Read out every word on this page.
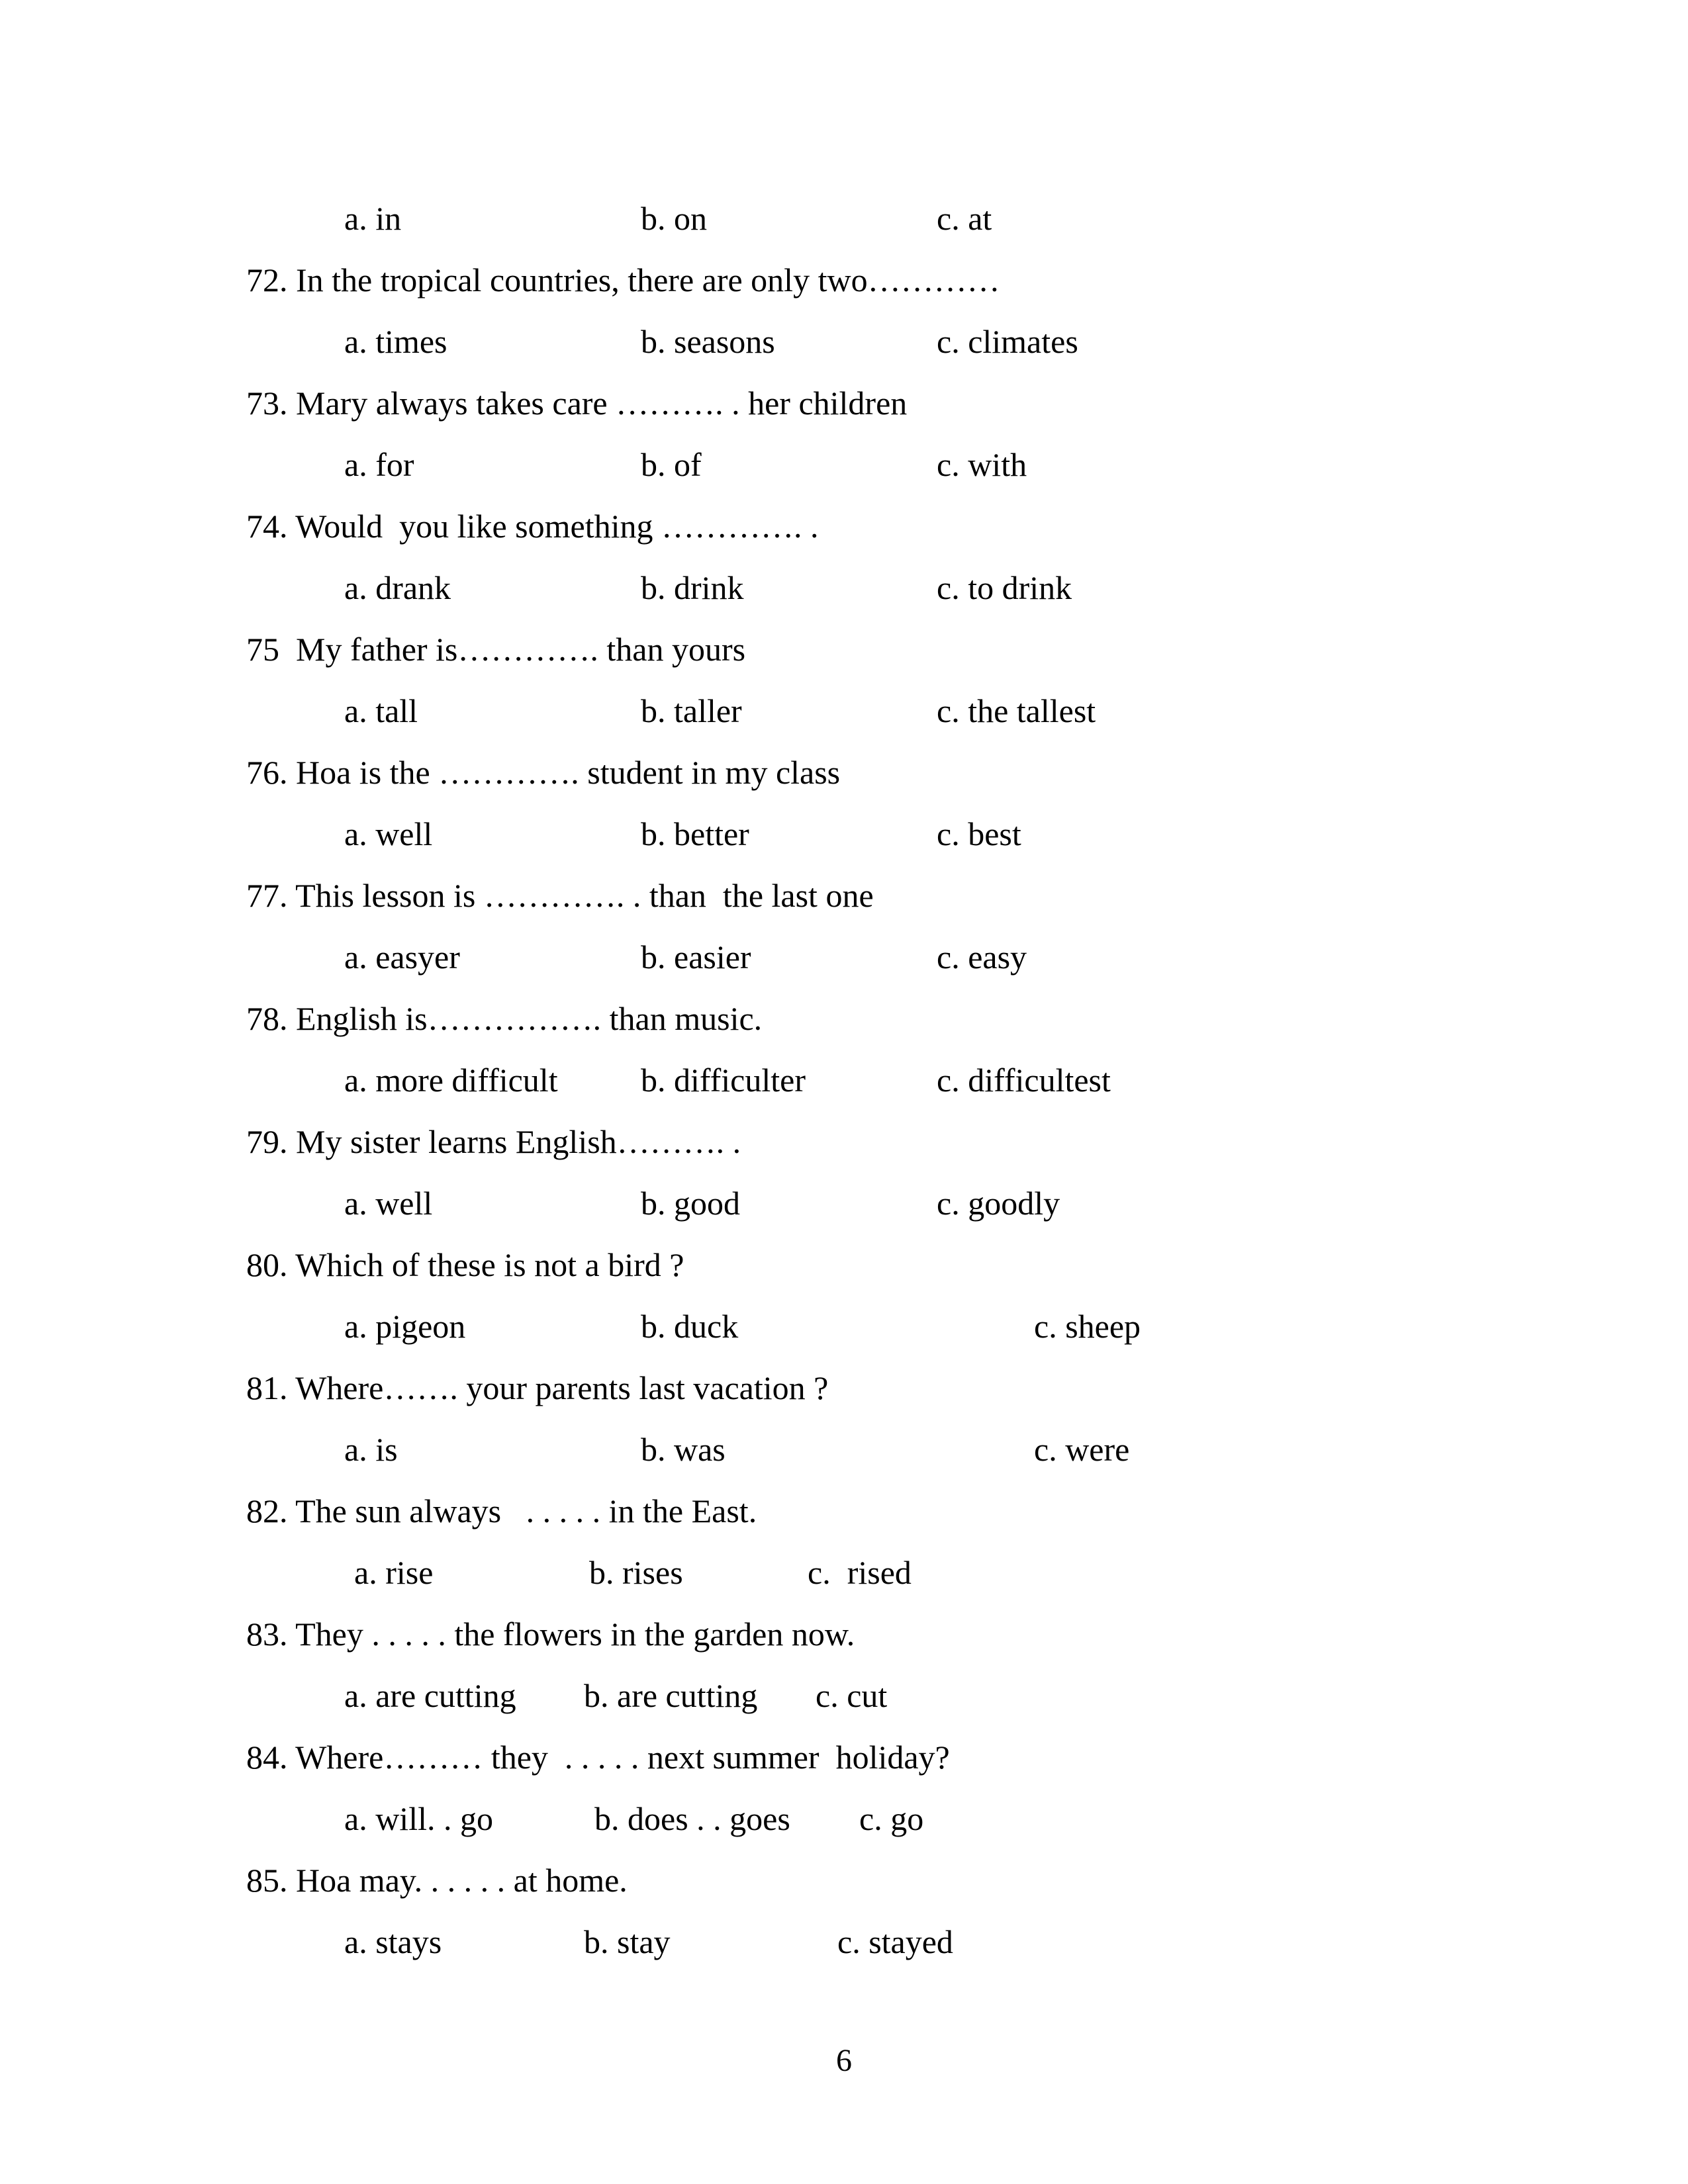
a. in

	b. on

	c. at

72. In the tropical countries, there are only two…………

a. times

	b. seasons

	c. climates

73. Mary always takes care ………. . her children

a. for

	b. of

	c. with

74. Would  you like something …………. .

a. drank

	b. drink

	c. to drink

75  My father is…………. than yours

a. tall

	b. taller

	c. the tallest

76. Hoa is the …………. student in my class

a. well

	b. better

	c. best

77. This lesson is …………. . than  the last one

a. easyer

	b. easier

	c. easy

78. English is……………. than music.

a. more difficult

	b. difficulter

	c. difficultest

79. My sister learns English………. .

a. well

	b. good

	c. goodly

80. Which of these is not a bird ?

a. pigeon

	b. duck

	c. sheep

81. Where……. your parents last vacation ?

a. is

	b. was

	c. were

82. The sun always   . . . . . in the East.

a. rise

	b. rises

	c.  rised

83. They . . . . . the flowers in the garden now.

a. are cutting

b. are cutting

c. cut

84. Where……… they  . . . . . next summer  holiday?

a. will. . go

	b. does . . goes

c. go

85. Hoa may. . . . . . at home.

a. stays

	b. stay

	c. stayed

6
